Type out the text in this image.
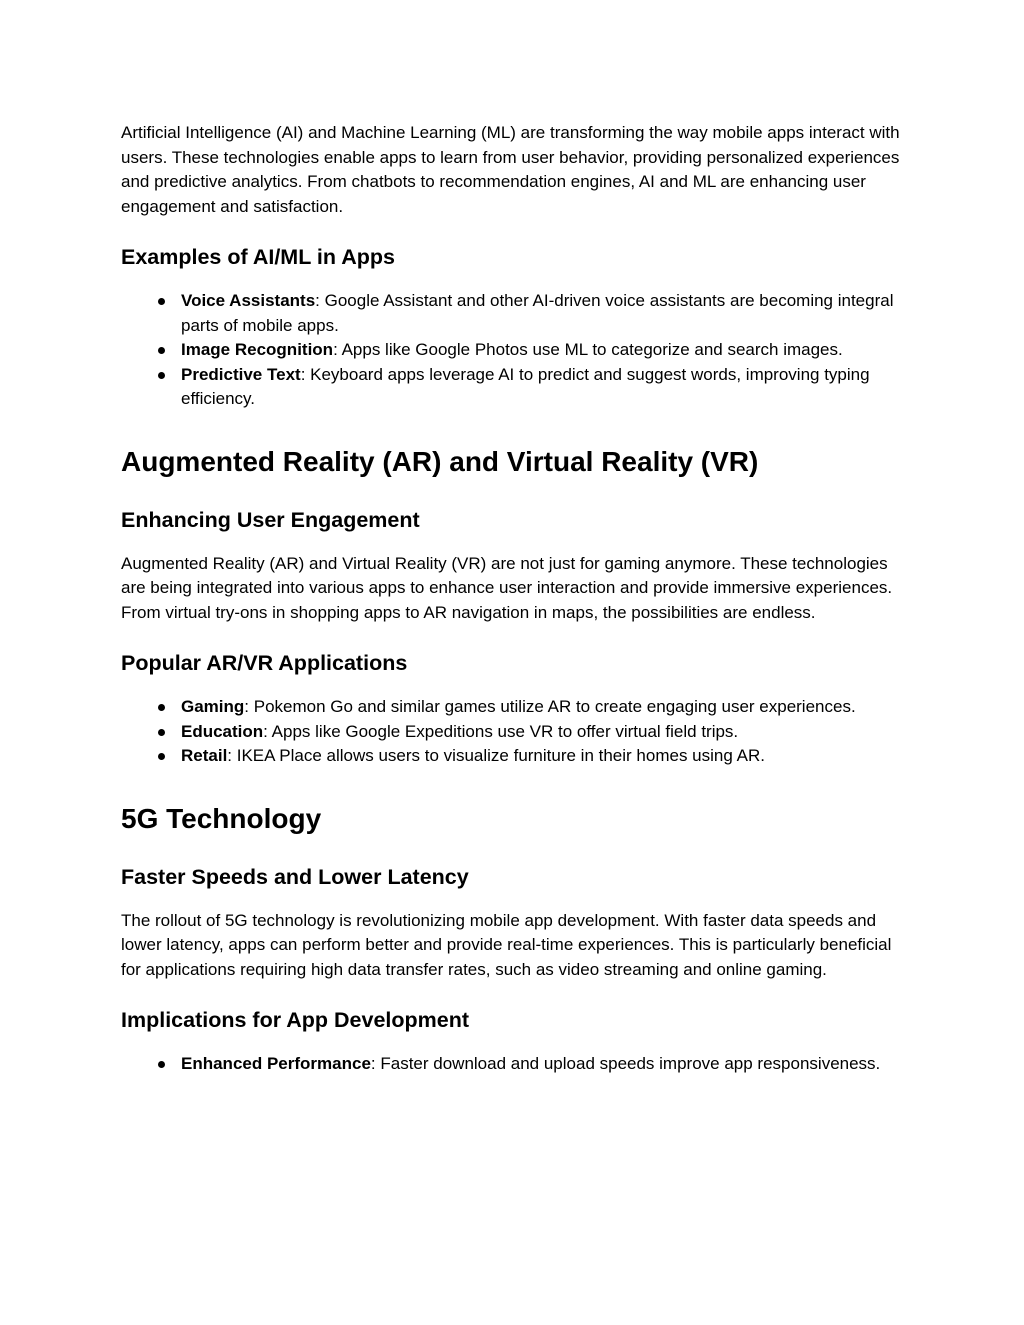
Artificial Intelligence (AI) and Machine Learning (ML) are transforming the way mobile apps interact with users. These technologies enable apps to learn from user behavior, providing personalized experiences and predictive analytics. From chatbots to recommendation engines, AI and ML are enhancing user engagement and satisfaction.

Examples of AI/ML in Apps
Voice Assistants: Google Assistant and other AI-driven voice assistants are becoming integral parts of mobile apps.
Image Recognition: Apps like Google Photos use ML to categorize and search images.
Predictive Text: Keyboard apps leverage AI to predict and suggest words, improving typing efficiency.
Augmented Reality (AR) and Virtual Reality (VR)
Enhancing User Engagement

Augmented Reality (AR) and Virtual Reality (VR) are not just for gaming anymore. These technologies are being integrated into various apps to enhance user interaction and provide immersive experiences. From virtual try-ons in shopping apps to AR navigation in maps, the possibilities are endless.

Popular AR/VR Applications
Gaming: Pokemon Go and similar games utilize AR to create engaging user experiences.
Education: Apps like Google Expeditions use VR to offer virtual field trips.
Retail: IKEA Place allows users to visualize furniture in their homes using AR.
5G Technology
Faster Speeds and Lower Latency

The rollout of 5G technology is revolutionizing mobile app development. With faster data speeds and lower latency, apps can perform better and provide real-time experiences. This is particularly beneficial for applications requiring high data transfer rates, such as video streaming and online gaming.

Implications for App Development
Enhanced Performance: Faster download and upload speeds improve app responsiveness.
